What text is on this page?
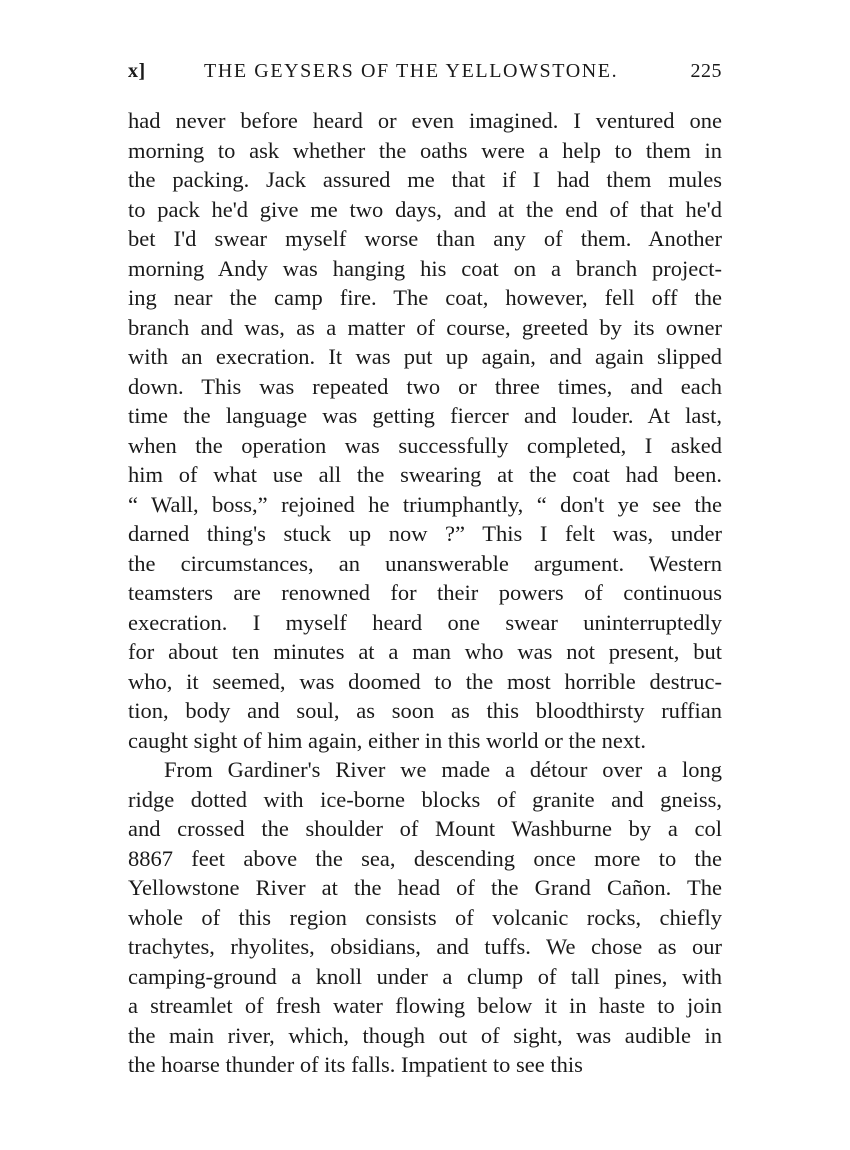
x]	THE GEYSERS OF THE YELLOWSTONE.	225
had never before heard or even imagined. I ventured one
morning to ask whether the oaths were a help to them in
the packing. Jack assured me that if I had them mules
to pack he'd give me two days, and at the end of that he'd
bet I'd swear myself worse than any of them. Another
morning Andy was hanging his coat on a branch project-
ing near the camp fire. The coat, however, fell off the
branch and was, as a matter of course, greeted by its owner
with an execration. It was put up again, and again slipped
down. This was repeated two or three times, and each
time the language was getting fiercer and louder. At last,
when the operation was successfully completed, I asked
him of what use all the swearing at the coat had been.
“ Wall, boss,” rejoined he triumphantly, “ don't ye see the
darned thing's stuck up now ?” This I felt was, under
the circumstances, an unanswerable argument. Western
teamsters are renowned for their powers of continuous
execration. I myself heard one swear uninterruptedly
for about ten minutes at a man who was not present, but
who, it seemed, was doomed to the most horrible destruc-
tion, body and soul, as soon as this bloodthirsty ruffian
caught sight of him again, either in this world or the next.
From Gardiner's River we made a détour over a long
ridge dotted with ice-borne blocks of granite and gneiss,
and crossed the shoulder of Mount Washburne by a col
8867 feet above the sea, descending once more to the
Yellowstone River at the head of the Grand Cañon. The
whole of this region consists of volcanic rocks, chiefly
trachytes, rhyolites, obsidians, and tuffs. We chose as our
camping-ground a knoll under a clump of tall pines, with
a streamlet of fresh water flowing below it in haste to join
the main river, which, though out of sight, was audible in
the hoarse thunder of its falls. Impatient to see this
